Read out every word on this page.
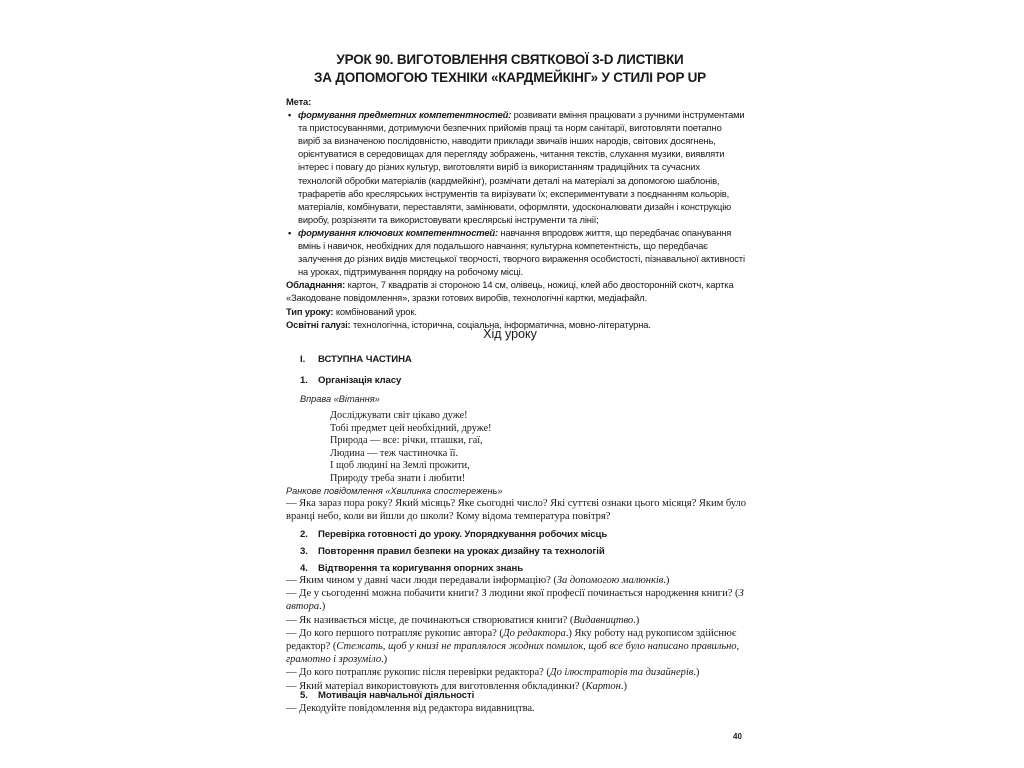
УРОК 90. ВИГОТОВЛЕННЯ СВЯТКОВОЇ 3-D ЛИСТІВКИ
ЗА ДОПОМОГОЮ ТЕХНІКИ «КАРДМЕЙКІНГ» У СТИЛІ POP UP
Мета:
• формування предметних компетентностей: розвивати вміння працювати з ручними інструментами та пристосуваннями, дотримуючи безпечних прийомів праці та норм санітарії, виготовляти поетапно виріб за визначеною послідовністю, наводити приклади звичаїв інших народів, світових досягнень, орієнтуватися в середовищах для перегляду зображень, читання текстів, слухання музики, виявляти інтерес і повагу до різних культур, виготовляти виріб із використанням традиційних та сучасних технологій обробки матеріалів (кардмейкінг), розмічати деталі на матеріалі за допомогою шаблонів, трафаретів або креслярських інструментів та вирізувати їх; експериментувати з поєднанням кольорів, матеріалів, комбінувати, переставляти, замінювати, оформляти, удосконалювати дизайн і конструкцію виробу, розрізняти та використовувати креслярські інструменти та лінії;
• формування ключових компетентностей: навчання впродовж життя, що передбачає опанування вмінь і навичок, необхідних для подальшого навчання; культурна компетентність, що передбачає залучення до різних видів мистецької творчості, творчого вираження особистості, пізнавальної активності на уроках, підтримування порядку на робочому місці.
Обладнання: картон, 7 квадратів зі стороною 14 см, олівець, ножиці, клей або двосторонній скотч, картка «Закодоване повідомлення», зразки готових виробів, технологічні картки, медіафайл.
Тип уроку: комбінований урок.
Освітні галузі: технологічна, історична, соціальна, інформатична, мовно-літературна.
Хід уроку
I. ВСТУПНА ЧАСТИНА
1. Організація класу
Вправа «Вітання»
Досліджувати світ цікаво дуже!
Тобі предмет цей необхідний, друже!
Природа — все: річки, пташки, гаї,
Людина — теж частиночка її.
І щоб людині на Землі прожити,
Природу треба знати і любити!
Ранкове повідомлення «Хвилинка спостережень»
— Яка зараз пора року? Який місяць? Яке сьогодні число? Які суттєві ознаки цього місяця? Яким було вранці небо, коли ви йшли до школи? Кому відома температура повітря?
2. Перевірка готовності до уроку. Упорядкування робочих місць
3. Повторення правил безпеки на уроках дизайну та технологій
4. Відтворення та коригування опорних знань
— Яким чином у давні часи люди передавали інформацію? (За допомогою малюнків.)
— Де у сьогоденні можна побачити книги? З людини якої професії починається народження книги? (З автора.)
— Як називається місце, де починаються створюватися книги? (Видавництво.)
— До кого першого потрапляє рукопис автора? (До редактора.) Яку роботу над рукописом здійснює редактор? (Стежать, щоб у книзі не траплялося жодних помилок, щоб все було написано правильно, грамотно і зрозуміло.)
— До кого потрапляє рукопис після перевірки редактора? (До ілюстраторів та дизайнерів.)
— Який матеріал використовують для виготовлення обкладинки? (Картон.)
5. Мотивація навчальної діяльності
— Декодуйте повідомлення від редактора видавництва.
40
